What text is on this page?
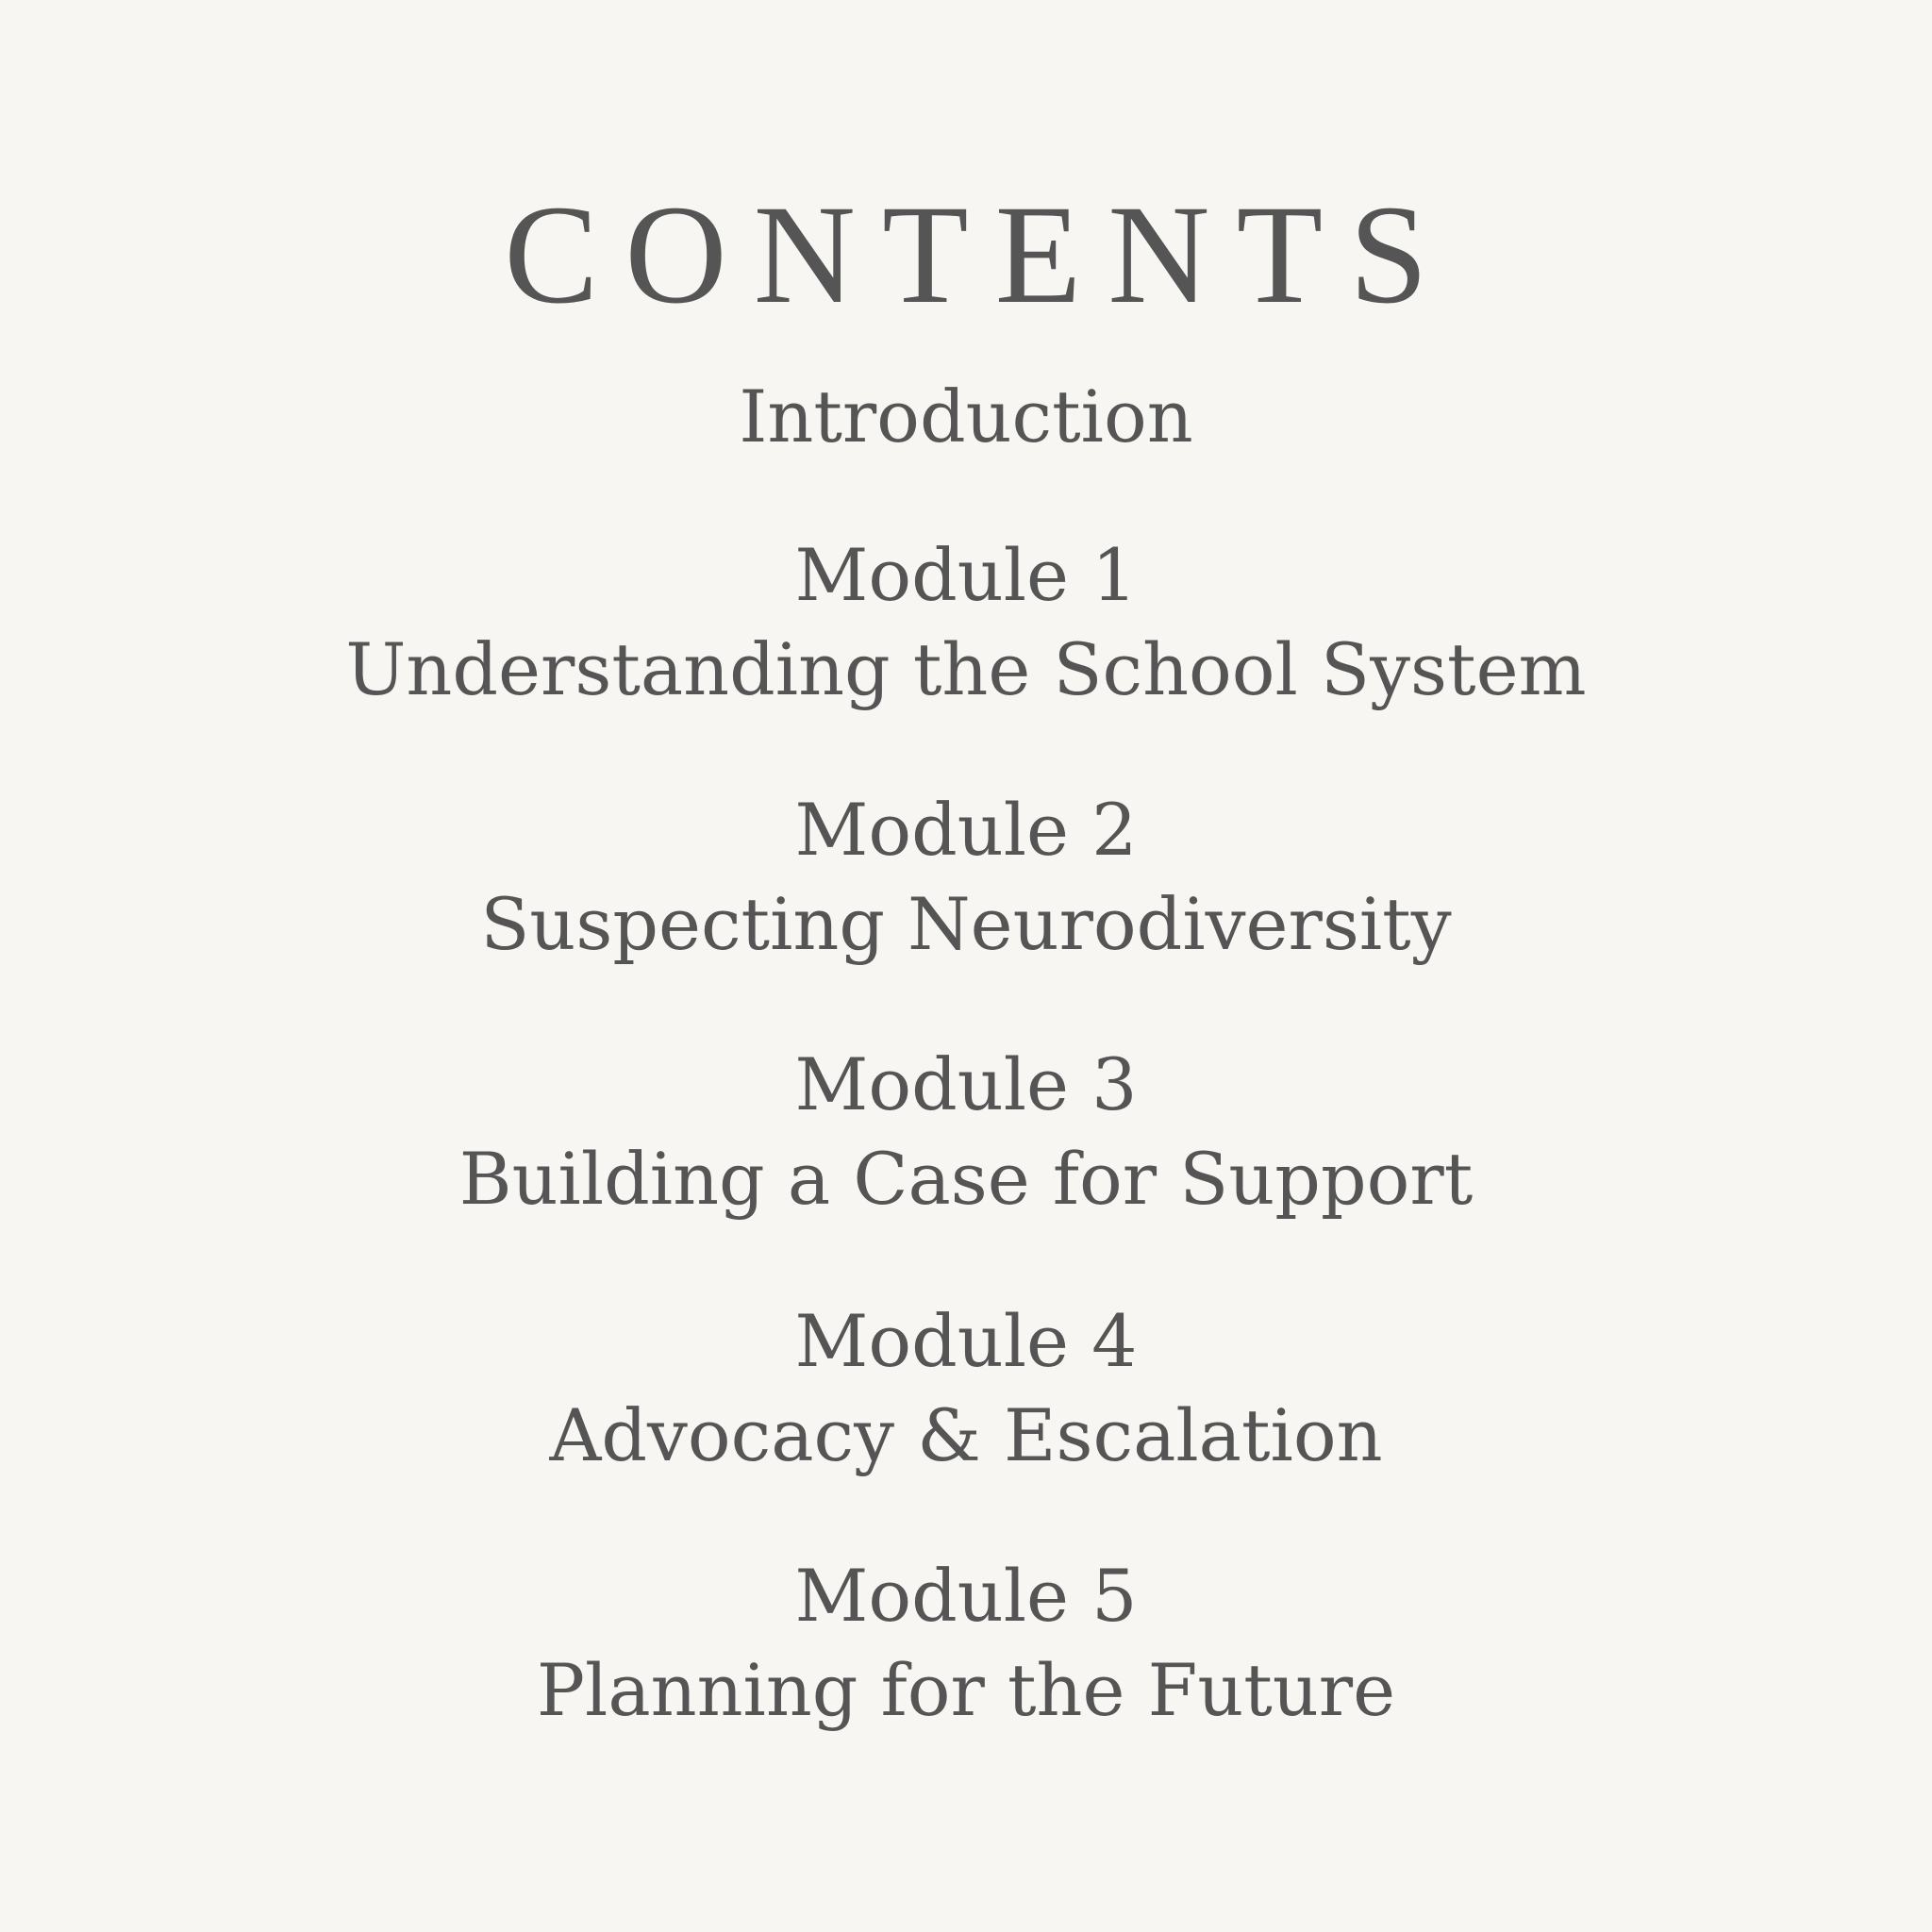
CONTENTS
Introduction
Module 1
Understanding the School System
Module 2
Suspecting Neurodiversity
Module 3
Building a Case for Support
Module 4
Advocacy & Escalation
Module 5
Planning for the Future
